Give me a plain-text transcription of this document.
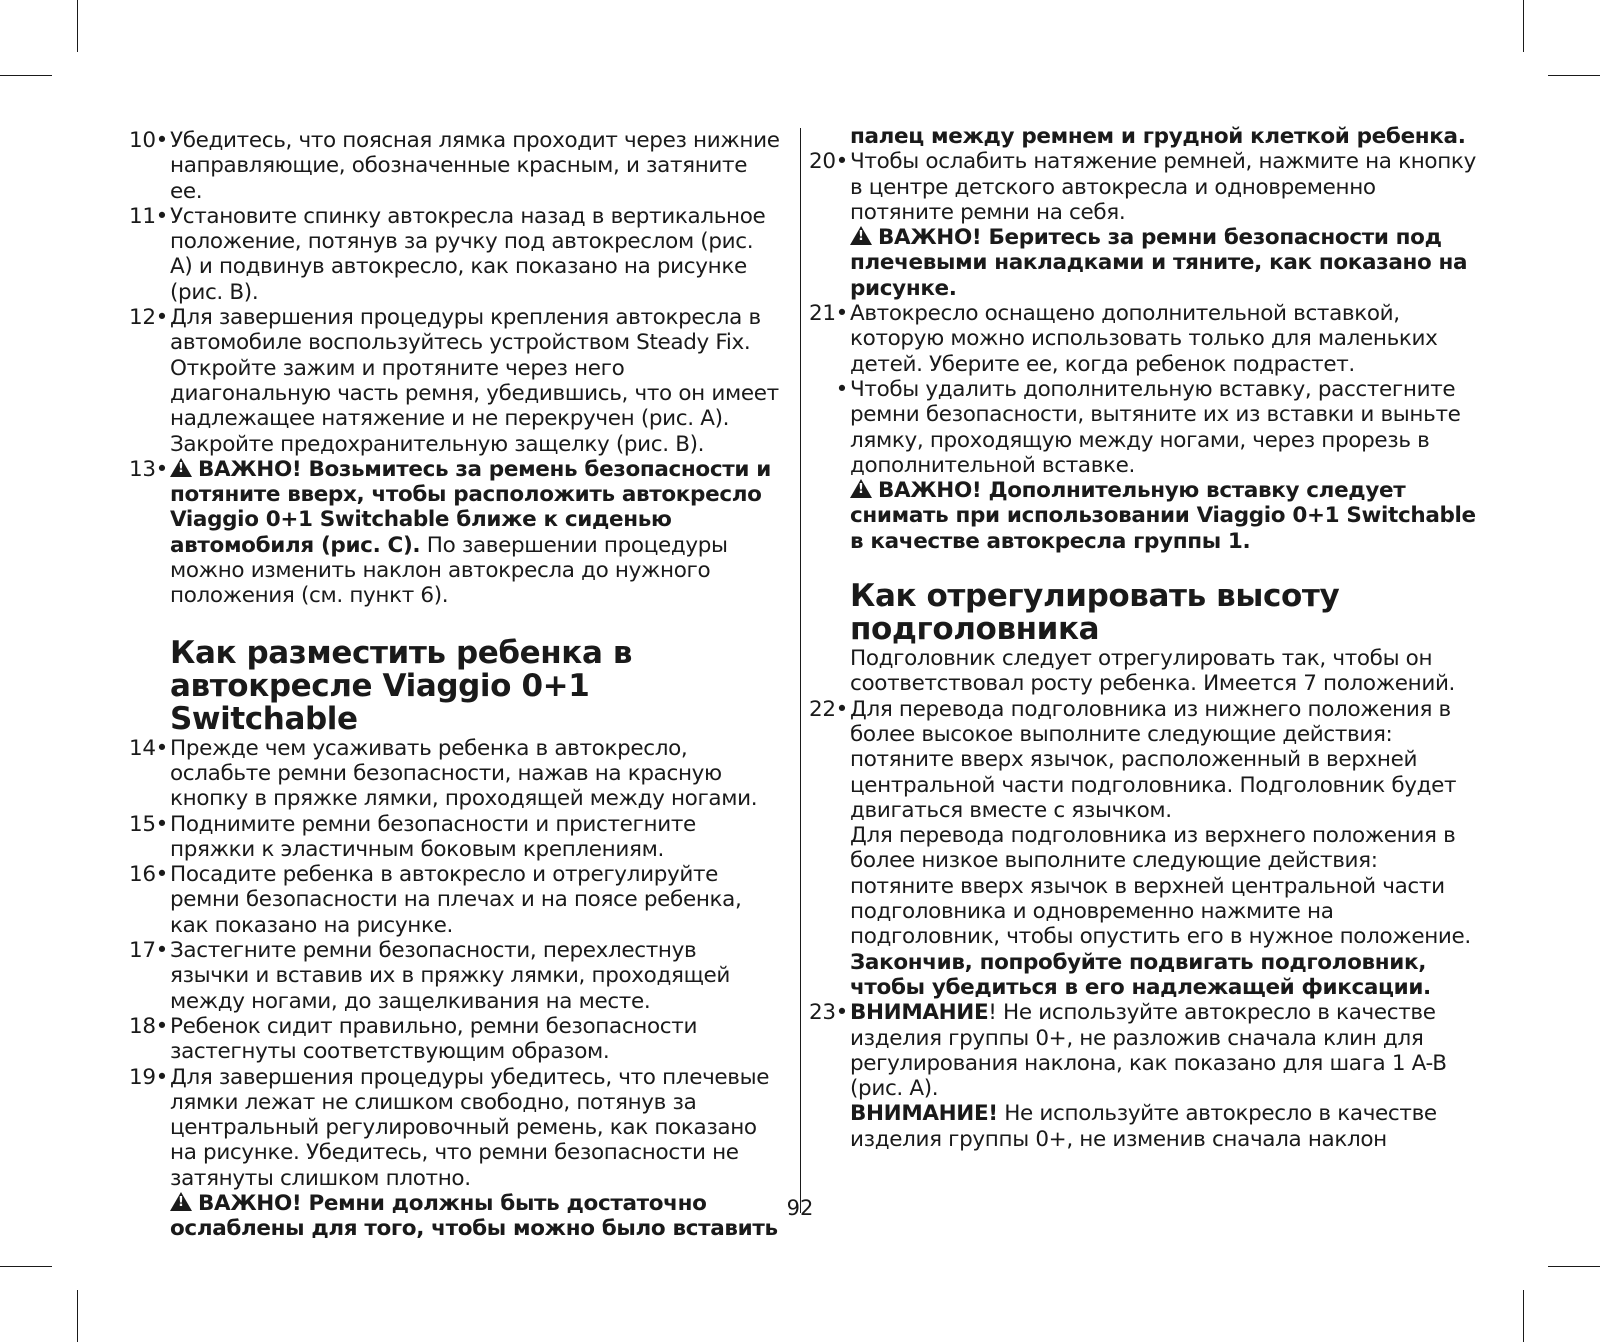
10• Убедитесь, что поясная лямка проходит через нижние направляющие, обозначенные красным, и затяните ее.
11• Установите спинку автокресла назад в вертикальное положение, потянув за ручку под автокреслом (рис. A) и подвинув автокресло, как показано на рисунке (рис. B).
12• Для завершения процедуры крепления автокресла в автомобиле воспользуйтесь устройством Steady Fix. Откройте зажим и протяните через него диагональную часть ремня, убедившись, что он имеет надлежащее натяжение и не перекручен (рис. A). Закройте предохранительную защелку (рис. B).
13•
! ВАЖНО! Возьмитесь за ремень безопасности и потяните вверх, чтобы расположить автокресло Viaggio 0+1 Switchable ближе к сиденью автомобиля (рис. C). По завершении процедуры можно изменить наклон автокресла до нужного положения (см. пункт 6).
Как разместить ребенка в автокресле Viaggio 0+1 Switchable
14• Прежде чем усаживать ребенка в автокресло, ослабьте ремни безопасности, нажав на красную кнопку в пряжке лямки, проходящей между ногами.
15• Поднимите ремни безопасности и пристегните пряжки к эластичным боковым креплениям.
16• Посадите ребенка в автокресло и отрегулируйте ремни безопасности на плечах и на поясе ребенка, как показано на рисунке.
17• Застегните ремни безопасности, перехлестнув язычки и вставив их в пряжку лямки, проходящей между ногами, до защелкивания на месте.
18• Ребенок сидит правильно, ремни безопасности застегнуты соответствующим образом.
19• Для завершения процедуры убедитесь, что плечевые лямки лежат не слишком свободно, потянув за центральный регулировочный ремень, как показано на рисунке. Убедитесь, что ремни безопасности не затянуты слишком плотно.
!ВАЖНО! Ремни должны быть достаточно ослаблены для того, чтобы можно было вставить
палец между ремнем и грудной клеткой ребенка.
20• Чтобы ослабить натяжение ремней, нажмите на кнопку в центре детского автокресла и одновременно потяните ремни на себя.
!ВАЖНО! Беритесь за ремни безопасности под плечевыми накладками и тяните, как показано на рисунке.
21• Автокресло оснащено дополнительной вставкой, которую можно использовать только для маленьких детей. Уберите ее, когда ребенок подрастет.
• Чтобы удалить дополнительную вставку, расстегните ремни безопасности, вытяните их из вставки и выньте лямку, проходящую между ногами, через прорезь в дополнительной вставке.
!ВАЖНО! Дополнительную вставку следует снимать при использовании Viaggio 0+1 Switchable в качестве автокресла группы 1.
Как отрегулировать высоту подголовника
Подголовник следует отрегулировать так, чтобы он соответствовал росту ребенка. Имеется 7 положений.
22• Для перевода подголовника из нижнего положения в более высокое выполните следующие действия: потяните вверх язычок, расположенный в верхней центральной части подголовника. Подголовник будет двигаться вместе с язычком.
Для перевода подголовника из верхнего положения в более низкое выполните следующие действия: потяните вверх язычок в верхней центральной части подголовника и одновременно нажмите на подголовник, чтобы опустить его в нужное положение.
Закончив, попробуйте подвигать подголовник, чтобы убедиться в его надлежащей фиксации.
23• ВНИМАНИЕ! Не используйте автокресло в качестве изделия группы 0+, не разложив сначала клин для регулирования наклона, как показано для шага 1 A-B (рис. A).
ВНИМАНИЕ! Не используйте автокресло в качестве изделия группы 0+, не изменив сначала наклон
92
